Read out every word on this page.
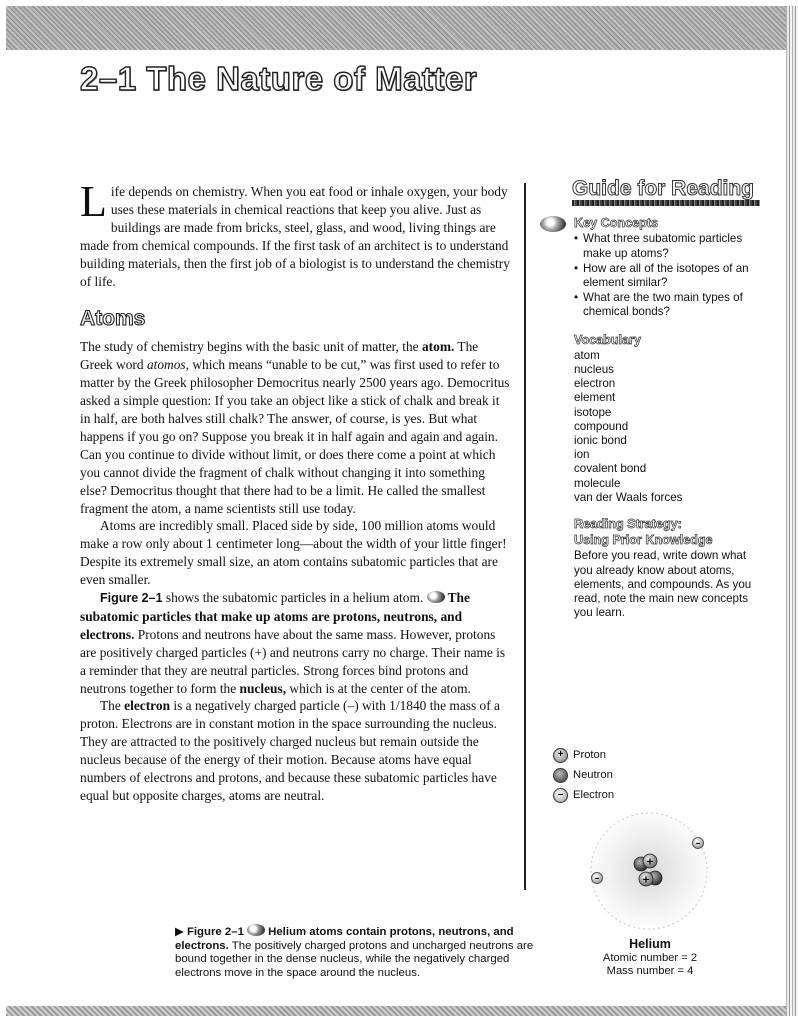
2–1 The Nature of Matter

Life depends on chemistry. When you eat food or inhale oxygen, your body uses these materials in chemical reactions that keep you alive. Just as buildings are made from bricks, steel, glass, and wood, living things are made from chemical compounds. If the first task of an architect is to understand building materials, then the first job of a biologist is to understand the chemistry of life.

Atoms

The study of chemistry begins with the basic unit of matter, the atom. The Greek word atomos, which means “unable to be cut,” was first used to refer to matter by the Greek philosopher Democritus nearly 2500 years ago. Democritus asked a simple question: If you take an object like a stick of chalk and break it in half, are both halves still chalk? The answer, of course, is yes. But what happens if you go on? Suppose you break it in half again and again and again. Can you continue to divide without limit, or does there come a point at which you cannot divide the fragment of chalk without changing it into something else? Democritus thought that there had to be a limit. He called the smallest fragment the atom, a name scientists still use today.

Atoms are incredibly small. Placed side by side, 100 million atoms would make a row only about 1 centimeter long—about the width of your little finger! Despite its extremely small size, an atom contains subatomic particles that are even smaller.

Figure 2–1 shows the subatomic particles in a helium atom. The subatomic particles that make up atoms are protons, neutrons, and electrons. Protons and neutrons have about the same mass. However, protons are positively charged particles (+) and neutrons carry no charge. Their name is a reminder that they are neutral particles. Strong forces bind protons and neutrons together to form the nucleus, which is at the center of the atom.

The electron is a negatively charged particle (–) with 1/1840 the mass of a proton. Electrons are in constant motion in the space surrounding the nucleus. They are attracted to the positively charged nucleus but remain outside the nucleus because of the energy of their motion. Because atoms have equal numbers of electrons and protons, and because these subatomic particles have equal but opposite charges, atoms are neutral.

Guide for Reading
Key Concepts
• What three subatomic particles make up atoms?
• How are all of the isotopes of an element similar?
• What are the two main types of chemical bonds?
Vocabulary
atom
nucleus
electron
element
isotope
compound
ionic bond
ion
covalent bond
molecule
van der Waals forces
Reading Strategy:
Using Prior Knowledge

Before you read, write down what you already know about atoms, elements, and compounds. As you read, note the main new concepts you learn.

+ Proton
Neutron
– Electron
+
+
–
–
Helium
Atomic number = 2
Mass number = 4
▶ Figure 2–1 Helium atoms contain protons, neutrons, and electrons. The positively charged protons and uncharged neutrons are bound together in the dense nucleus, while the negatively charged electrons move in the space around the nucleus.
